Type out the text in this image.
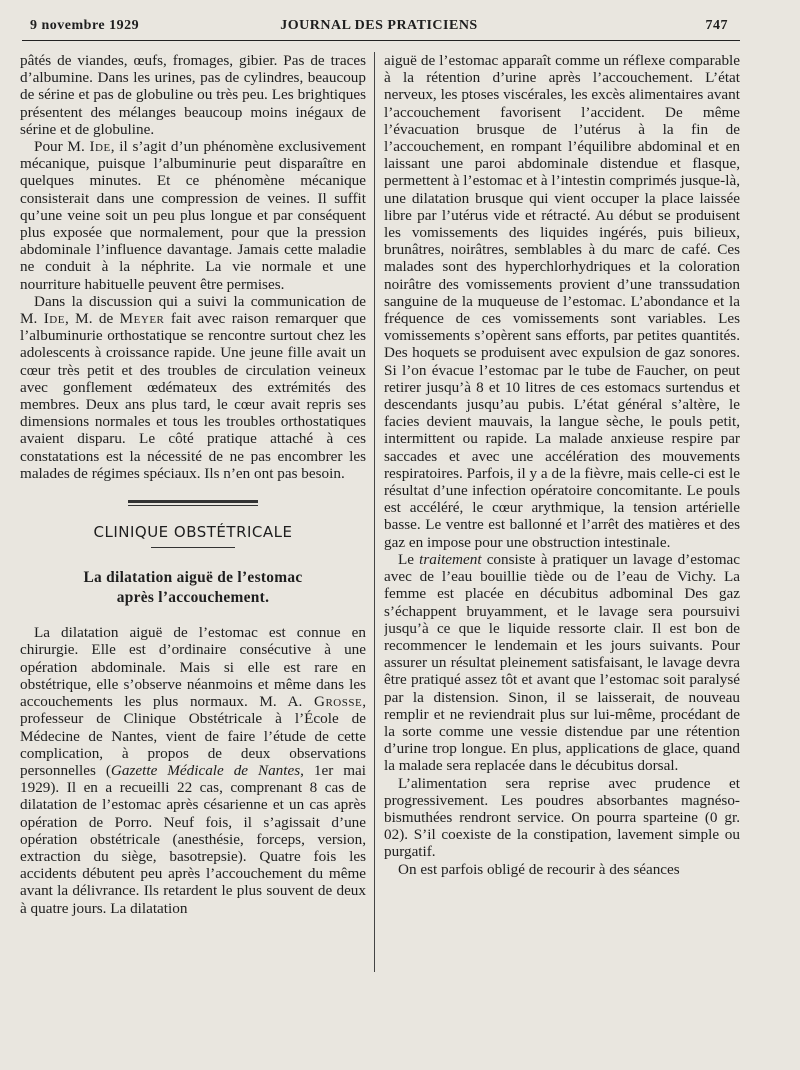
9 novembre 1929	JOURNAL DES PRATICIENS	747

pâtés de viandes, œufs, fromages, gibier. Pas de traces d’albumine. Dans les urines, pas de cylindres, beaucoup de sérine et pas de globuline ou très peu. Les brightiques présentent des mélanges beaucoup moins inégaux de sérine et de globuline.

Pour M. Ide, il s’agit d’un phénomène exclusivement mécanique, puisque l’albuminurie peut disparaître en quelques minutes. Et ce phénomène mécanique consisterait dans une compression de veines. Il suffit qu’une veine soit un peu plus longue et par conséquent plus exposée que normalement, pour que la pression abdominale l’influence davantage. Jamais cette maladie ne conduit à la néphrite. La vie normale et une nourriture habituelle peuvent être permises.

Dans la discussion qui a suivi la communication de M. Ide, M. de Meyer fait avec raison remarquer que l’albuminurie orthostatique se rencontre surtout chez les adolescents à croissance rapide. Une jeune fille avait un cœur très petit et des troubles de circulation veineux avec gonflement œdémateux des extrémités des membres. Deux ans plus tard, le cœur avait repris ses dimensions normales et tous les troubles orthostatiques avaient disparu. Le côté pratique attaché à ces constatations est la nécessité de ne pas encombrer les malades de régimes spéciaux. Ils n’en ont pas besoin.

CLINIQUE OBSTÉTRICALE
La dilatation aiguë de l’estomac
après l’accouchement.

La dilatation aiguë de l’estomac est connue en chirurgie. Elle est d’ordinaire consécutive à une opération abdominale. Mais si elle est rare en obstétrique, elle s’observe néanmoins et même dans les accouchements les plus normaux. M. A. Grosse, professeur de Clinique Obstétricale à l’École de Médecine de Nantes, vient de faire l’étude de cette complication, à propos de deux observations personnelles (Gazette Médicale de Nantes, 1er mai 1929). Il en a recueilli 22 cas, comprenant 8 cas de dilatation de l’estomac après césarienne et un cas après opération de Porro. Neuf fois, il s’agissait d’une opération obstétricale (anesthésie, forceps, version, extraction du siège, basotrepsie). Quatre fois les accidents débutent peu après l’accouchement du même avant la délivrance. Ils retardent le plus souvent de deux à quatre jours. La dilatation

aiguë de l’estomac apparaît comme un réflexe comparable à la rétention d’urine après l’accouchement. L’état nerveux, les ptoses viscérales, les excès alimentaires avant l’accouchement favorisent l’accident. De même l’évacuation brusque de l’utérus à la fin de l’accouchement, en rompant l’équilibre abdominal et en laissant une paroi abdominale distendue et flasque, permettent à l’estomac et à l’intestin comprimés jusque-là, une dilatation brusque qui vient occuper la place laissée libre par l’utérus vide et rétracté. Au début se produisent les vomissements des liquides ingérés, puis bilieux, brunâtres, noirâtres, semblables à du marc de café. Ces malades sont des hyperchlorhydriques et la coloration noirâtre des vomissements provient d’une transsudation sanguine de la muqueuse de l’estomac. L’abondance et la fréquence de ces vomissements sont variables. Les vomissements s’opèrent sans efforts, par petites quantités. Des hoquets se produisent avec expulsion de gaz sonores. Si l’on évacue l’estomac par le tube de Faucher, on peut retirer jusqu’à 8 et 10 litres de ces estomacs surtendus et descendants jusqu’au pubis. L’état général s’altère, le facies devient mauvais, la langue sèche, le pouls petit, intermittent ou rapide. La malade anxieuse respire par saccades et avec une accélération des mouvements respiratoires. Parfois, il y a de la fièvre, mais celle-ci est le résultat d’une infection opératoire concomitante. Le pouls est accéléré, le cœur arythmique, la tension artérielle basse. Le ventre est ballonné et l’arrêt des matières et des gaz en impose pour une obstruction intestinale.

Le traitement consiste à pratiquer un lavage d’estomac avec de l’eau bouillie tiède ou de l’eau de Vichy. La femme est placée en décubitus adbominal Des gaz s’échappent bruyamment, et le lavage sera poursuivi jusqu’à ce que le liquide ressorte clair. Il est bon de recommencer le lendemain et les jours suivants. Pour assurer un résultat pleinement satisfaisant, le lavage devra être pratiqué assez tôt et avant que l’estomac soit paralysé par la distension. Sinon, il se laisserait, de nouveau remplir et ne reviendrait plus sur lui-même, procédant de la sorte comme une vessie distendue par une rétention d’urine trop longue. En plus, applications de glace, quand la malade sera replacée dans le décubitus dorsal.

L’alimentation sera reprise avec prudence et progressivement. Les poudres absorbantes magnéso-bismuthées rendront service. On pourra sparteine (0 gr. 02). S’il coexiste de la constipation, lavement simple ou purgatif.

On est parfois obligé de recourir à des séances
